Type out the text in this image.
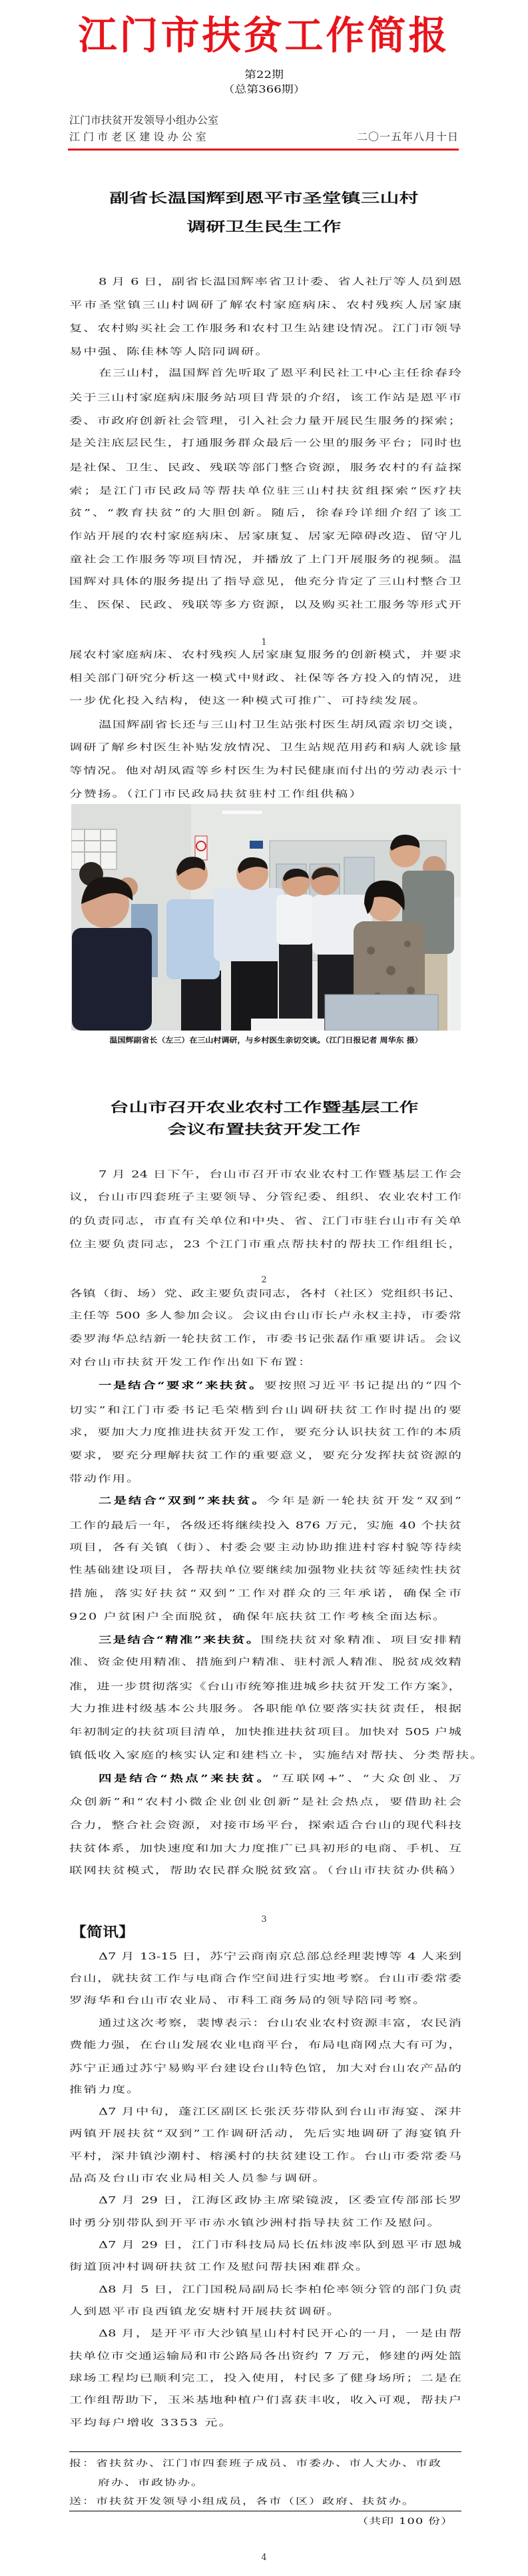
江门市扶贫工作简报
第22期
（总第366期）
江门市扶贫开发领导小组办公室
江 门 市 老 区 建 设 办 公 室	二〇一五年八月十日
副省长温国辉到恩平市圣堂镇三山村
调研卫生民生工作
温国辉副省长（左三）在三山村调研，与乡村医生亲切交谈。（江门日报记者 周华东 摄）
台山市召开农业农村工作暨基层工作
会议布置扶贫开发工作
【简讯】
报：省扶贫办、江门市四套班子成员、市委办、市人大办、市政
府办、市政协办。
送：市扶贫开发领导小组成员，各市（区）政府、扶贫办。
（共印 100 份）
1
2
3
4
8 月 6 日，副省长温国辉率省卫计委、省人社厅等人员到恩
平市圣堂镇三山村调研了解农村家庭病床、农村残疾人居家康
复、农村购买社会工作服务和农村卫生站建设情况。江门市领导
易中强、陈佳林等人陪同调研。
在三山村，温国辉首先听取了恩平利民社工中心主任徐春玲
关于三山村家庭病床服务站项目背景的介绍，该工作站是恩平市
委、市政府创新社会管理，引入社会力量开展民生服务的探索；
是关注底层民生，打通服务群众最后一公里的服务平台；同时也
是社保、卫生、民政、残联等部门整合资源，服务农村的有益探
索；是江门市民政局等帮扶单位驻三山村扶贫组探索“医疗扶
贫”、“教育扶贫”的大胆创新。随后，徐春玲详细介绍了该工
作站开展的农村家庭病床、居家康复、居家无障碍改造、留守儿
童社会工作服务等项目情况，并播放了上门开展服务的视频。温
国辉对具体的服务提出了指导意见，他充分肯定了三山村整合卫
生、医保、民政、残联等多方资源，以及购买社工服务等形式开
展农村家庭病床、农村残疾人居家康复服务的创新模式，并要求
相关部门研究分析这一模式中财政、社保等各方投入的情况，进
一步优化投入结构，使这一种模式可推广、可持续发展。
温国辉副省长还与三山村卫生站张村医生胡凤霞亲切交谈，
调研了解乡村医生补贴发放情况、卫生站规范用药和病人就诊量
等情况。他对胡凤霞等乡村医生为村民健康而付出的劳动表示十
分赞扬。（江门市民政局扶贫驻村工作组供稿）
7 月 24 日下午，台山市召开市农业农村工作暨基层工作会
议，台山市四套班子主要领导、分管纪委、组织、农业农村工作
的负责同志，市直有关单位和中央、省、江门市驻台山市有关单
位主要负责同志，23 个江门市重点帮扶村的帮扶工作组组长，
各镇（街、场）党、政主要负责同志，各村（社区）党组织书记、
主任等 500 多人参加会议。会议由台山市长卢永权主持，市委常
委罗海华总结新一轮扶贫工作，市委书记张磊作重要讲话。会议
对台山市扶贫开发工作作出如下布置：
一是结合“要求”来扶贫。要按照习近平书记提出的“四个
切实”和江门市委书记毛荣楷到台山调研扶贫工作时提出的要
求，要加大力度推进扶贫开发工作，要充分认识扶贫工作的本质
要求，要充分理解扶贫工作的重要意义，要充分发挥扶贫资源的
带动作用。
二是结合“双到”来扶贫。今年是新一轮扶贫开发“双到”
工作的最后一年，各级还将继续投入 876 万元，实施 40 个扶贫
项目，各有关镇（街）、村委会要主动协助推进村容村貌等待续
性基础建设项目，各帮扶单位要继续加强物业扶贫等延续性扶贫
措施，落实好扶贫“双到”工作对群众的三年承诺，确保全市
920 户贫困户全面脱贫，确保年底扶贫工作考核全面达标。
三是结合“精准”来扶贫。围绕扶贫对象精准、项目安排精
准、资金使用精准、措施到户精准、驻村派人精准、脱贫成效精
准，进一步贯彻落实《台山市统筹推进城乡扶贫开发工作方案》，
大力推进村级基本公共服务。各职能单位要落实扶贫责任，根据
年初制定的扶贫项目清单，加快推进扶贫项目。加快对 505 户城
镇低收入家庭的核实认定和建档立卡，实施结对帮扶、分类帮扶。
四是结合“热点”来扶贫。“互联网+”、“大众创业、万
众创新”和“农村小微企业创业创新”是社会热点，要借助社会
合力，整合社会资源，对接市场平台，探索适合台山的现代科技
扶贫体系，加快速度和加大力度推广已具初形的电商、手机、互
联网扶贫模式，帮助农民群众脱贫致富。（台山市扶贫办供稿）
Δ7 月 13-15 日，苏宁云商南京总部总经理裴博等 4 人来到
台山，就扶贫工作与电商合作空间进行实地考察。台山市委常委
罗海华和台山市农业局、市科工商务局的领导陪同考察。
通过这次考察，裴博表示：台山农业农村资源丰富，农民消
费能力强，在台山发展农业电商平台，布局电商网点大有可为，
苏宁正通过苏宁易购平台建设台山特色馆，加大对台山农产品的
推销力度。
Δ7 月中旬，蓬江区副区长张沃芬带队到台山市海宴、深井
两镇开展扶贫“双到”工作调研活动，先后实地调研了海宴镇升
平村，深井镇沙潮村、榕溪村的扶贫建设工作。台山市委常委马
品高及台山市农业局相关人员参与调研。
Δ7 月 29 日，江海区政协主席梁镜波，区委宣传部部长罗
时勇分别带队到开平市赤水镇沙洲村指导扶贫工作及慰问。
Δ7 月 29 日，江门市科技局局长伍炜波率队到恩平市恩城
街道顶冲村调研扶贫工作及慰问帮扶困难群众。
Δ8 月 5 日，江门国税局副局长李柏伦率领分管的部门负责
人到恩平市良西镇龙安塘村开展扶贫调研。
Δ8 月，是开平市大沙镇星山村村民开心的一月，一是由帮
扶单位市交通运输局和市公路局各出资约 7 万元，修建的两处篮
球场工程均已顺利完工，投入使用，村民多了健身场所；二是在
工作组帮助下，玉米基地种植户们喜获丰收，收入可观，帮扶户
平均每户增收 3353 元。
